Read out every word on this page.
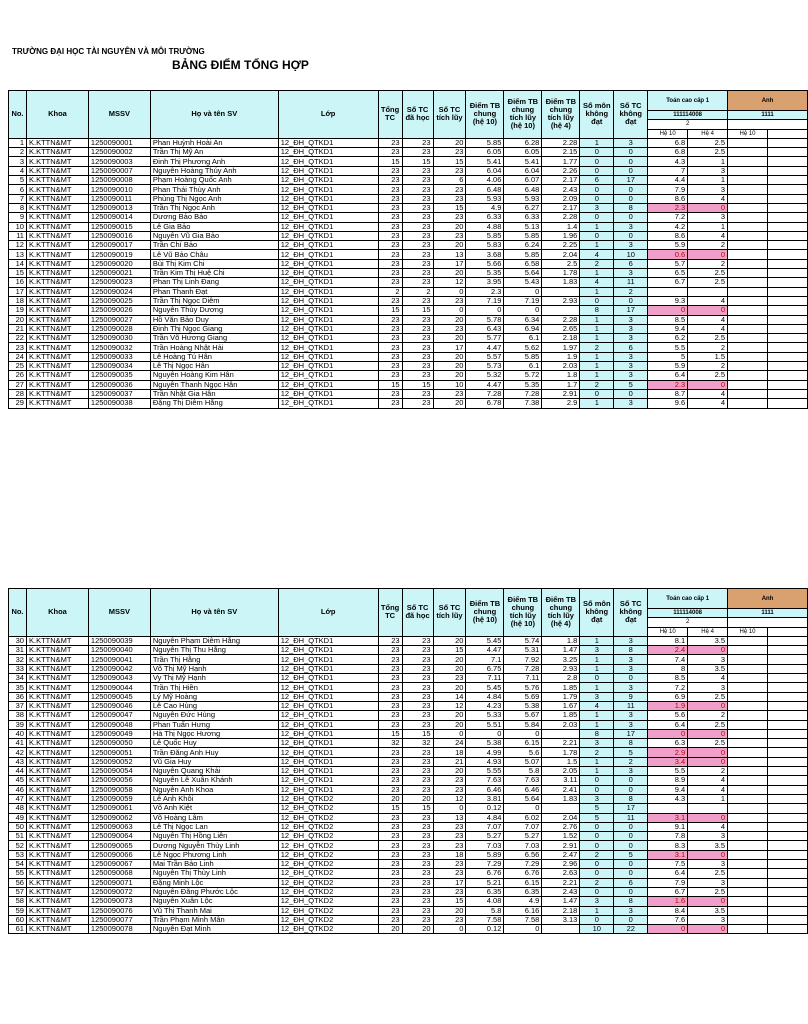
TRƯỜNG ĐẠI HỌC TÀI NGUYÊN VÀ MÔI TRƯỜNG
BẢNG ĐIỂM TỔNG HỢP
No.	Khoa	MSSV	Họ và tên SV	Lớp	Tổng TC	Số TC đã học	Số TC tích lũy	Điểm TB chung (hệ 10)	Điểm TB chung tích lũy (hệ 10)	Điểm TB chung tích lũy (hệ 4)	Số môn không đạt	Số TC không đạt	Toán cao cấp 1		Anh	
													111114008		1111	
													2			
													Hệ 10	Hệ 4	Hệ 10	
1	K.KTTN&MT	1250090001	Phan Huỳnh Hoài An	12_ĐH_QTKD1	23	23	20	5.85	6.28	2.28	1	3	6.8	2.5		
2	K.KTTN&MT	1250090002	Trần Thị Mỹ An	12_ĐH_QTKD1	23	23	23	6.05	6.05	2.15	0	0	6.8	2.5		
3	K.KTTN&MT	1250090003	Đinh Thị Phương Anh	12_ĐH_QTKD1	15	15	15	5.41	5.41	1.77	0	0	4.3	1		
4	K.KTTN&MT	1250090007	Nguyễn Hoàng Thúy Anh	12_ĐH_QTKD1	23	23	23	6.04	6.04	2.26	0	0	7	3		
5	K.KTTN&MT	1250090008	Phạm Hoàng Quốc Anh	12_ĐH_QTKD1	23	23	6	4.06	6.07	2.17	6	17	4.4	1		
6	K.KTTN&MT	1250090010	Phan Thái Thùy Anh	12_ĐH_QTKD1	23	23	23	6.48	6.48	2.43	0	0	7.9	3		
7	K.KTTN&MT	1250090011	Phùng Thị Ngọc Anh	12_ĐH_QTKD1	23	23	23	5.93	5.93	2.09	0	0	8.6	4		
8	K.KTTN&MT	1250090013	Trần Thị Ngọc Anh	12_ĐH_QTKD1	23	23	15	4.9	6.27	2.17	3	8	2.3	0		
9	K.KTTN&MT	1250090014	Dương Bảo Bảo	12_ĐH_QTKD1	23	23	23	6.33	6.33	2.28	0	0	7.2	3		
10	K.KTTN&MT	1250090015	Lê Gia Bảo	12_ĐH_QTKD1	23	23	20	4.88	5.13	1.4	1	3	4.2	1		
11	K.KTTN&MT	1250090016	Nguyễn Vũ Gia Bảo	12_ĐH_QTKD1	23	23	23	5.85	5.85	1.96	0	0	8.6	4		
12	K.KTTN&MT	1250090017	Trần Chí Bảo	12_ĐH_QTKD1	23	23	20	5.83	6.24	2.25	1	3	5.9	2		
13	K.KTTN&MT	1250090019	Lê Vũ Bảo Châu	12_ĐH_QTKD1	23	23	13	3.68	5.85	2.04	4	10	0.6	0		
14	K.KTTN&MT	1250090020	Bùi Thị Kim Chi	12_ĐH_QTKD1	23	23	17	5.66	6.58	2.5	2	6	5.7	2		
15	K.KTTN&MT	1250090021	Trần Kim Thị Huệ Chi	12_ĐH_QTKD1	23	23	20	5.35	5.64	1.78	1	3	6.5	2.5		
16	K.KTTN&MT	1250090023	Phan Thị Linh Đang	12_ĐH_QTKD1	23	23	12	3.95	5.43	1.83	4	11	6.7	2.5		
17	K.KTTN&MT	1250090024	Phan Thanh Đạt	12_ĐH_QTKD1	2	2	0	2.3	0		1	2				
18	K.KTTN&MT	1250090025	Trần Thị Ngọc Diễm	12_ĐH_QTKD1	23	23	23	7.19	7.19	2.93	0	0	9.3	4		
19	K.KTTN&MT	1250090026	Nguyễn Thùy Dương	12_ĐH_QTKD1	15	15	0	0	0		8	17	0	0		
20	K.KTTN&MT	1250090027	Hồ Văn Bảo Duy	12_ĐH_QTKD1	23	23	20	5.78	6.34	2.28	1	3	8.5	4		
21	K.KTTN&MT	1250090028	Đinh Thị Ngọc Giang	12_ĐH_QTKD1	23	23	23	6.43	6.94	2.65	1	3	9.4	4		
22	K.KTTN&MT	1250090030	Trần Võ Hương Giang	12_ĐH_QTKD1	23	23	20	5.77	6.1	2.18	1	3	6.2	2.5		
23	K.KTTN&MT	1250090032	Trần Hoàng Nhật Hải	12_ĐH_QTKD1	23	23	17	4.47	5.62	1.97	2	6	5.5	2		
24	K.KTTN&MT	1250090033	Lê Hoàng Tú Hân	12_ĐH_QTKD1	23	23	20	5.57	5.85	1.9	1	3	5	1.5		
25	K.KTTN&MT	1250090034	Lê Thị Ngọc Hân	12_ĐH_QTKD1	23	23	20	5.73	6.1	2.03	1	3	5.9	2		
26	K.KTTN&MT	1250090035	Nguyễn Hoàng Kim Hân	12_ĐH_QTKD1	23	23	20	5.32	5.72	1.8	1	3	6.4	2.5		
27	K.KTTN&MT	1250090036	Nguyễn Thanh Ngọc Hân	12_ĐH_QTKD1	15	15	10	4.47	5.35	1.7	2	5	2.3	0		
28	K.KTTN&MT	1250090037	Trần Nhật Gia Hân	12_ĐH_QTKD1	23	23	23	7.28	7.28	2.91	0	0	8.7	4		
29	K.KTTN&MT	1250090038	Đặng Thị Diễm Hằng	12_ĐH_QTKD1	23	23	20	6.78	7.38	2.9	1	3	9.6	4		
No.	Khoa	MSSV	Họ và tên SV	Lớp	Tổng TC	Số TC đã học	Số TC tích lũy	Điểm TB chung (hệ 10)	Điểm TB chung tích lũy (hệ 10)	Điểm TB chung tích lũy (hệ 4)	Số môn không đạt	Số TC không đạt	Toán cao cấp 1		Anh	
													111114008		1111	
													2			
													Hệ 10	Hệ 4	Hệ 10	
30	K.KTTN&MT	1250090039	Nguyễn Phạm Diễm Hằng	12_ĐH_QTKD1	23	23	20	5.45	5.74	1.8	1	3	8.1	3.5		
31	K.KTTN&MT	1250090040	Nguyễn Thị Thu Hằng	12_ĐH_QTKD1	23	23	15	4.47	5.31	1.47	3	8	2.4	0		
32	K.KTTN&MT	1250090041	Trần Thị Hằng	12_ĐH_QTKD1	23	23	20	7.1	7.92	3.25	1	3	7.4	3		
33	K.KTTN&MT	1250090042	Võ Thị Mỹ Hạnh	12_ĐH_QTKD1	23	23	20	6.75	7.28	2.93	1	3	8	3.5		
34	K.KTTN&MT	1250090043	Vy Thị Mỹ Hạnh	12_ĐH_QTKD1	23	23	23	7.11	7.11	2.8	0	0	8.5	4		
35	K.KTTN&MT	1250090044	Trần Thị Hiền	12_ĐH_QTKD1	23	23	20	5.45	5.76	1.85	1	3	7.2	3		
36	K.KTTN&MT	1250090045	Lý Mỹ Hoàng	12_ĐH_QTKD1	23	23	14	4.84	5.69	1.79	3	9	6.9	2.5		
37	K.KTTN&MT	1250090046	Lê Cao Hùng	12_ĐH_QTKD1	23	23	12	4.23	5.38	1.67	4	11	1.9	0		
38	K.KTTN&MT	1250090047	Nguyễn Đức Hùng	12_ĐH_QTKD1	23	23	20	5.33	5.67	1.85	1	3	5.6	2		
39	K.KTTN&MT	1250090048	Phan Tuấn Hưng	12_ĐH_QTKD1	23	23	20	5.51	5.84	2.03	1	3	6.4	2.5		
40	K.KTTN&MT	1250090049	Hà Thị Ngọc Hương	12_ĐH_QTKD1	15	15	0	0	0		8	17	0	0		
41	K.KTTN&MT	1250090050	Lê Quốc Huy	12_ĐH_QTKD1	32	32	24	5.38	6.15	2.21	3	8	6.3	2.5		
42	K.KTTN&MT	1250090051	Trần Đăng Anh Huy	12_ĐH_QTKD1	23	23	18	4.99	5.6	1.78	2	5	2.9	0		
43	K.KTTN&MT	1250090052	Vũ Gia Huy	12_ĐH_QTKD1	23	23	21	4.93	5.07	1.5	1	2	3.4	0		
44	K.KTTN&MT	1250090054	Nguyễn Quang Khải	12_ĐH_QTKD1	23	23	20	5.55	5.8	2.05	1	3	5.5	2		
45	K.KTTN&MT	1250090056	Nguyễn Lê Xuân Khánh	12_ĐH_QTKD1	23	23	23	7.63	7.63	3.11	0	0	8.9	4		
46	K.KTTN&MT	1250090058	Nguyễn Anh Khoa	12_ĐH_QTKD1	23	23	23	6.46	6.46	2.41	0	0	9.4	4		
47	K.KTTN&MT	1250090059	Lê Anh Khôi	12_ĐH_QTKD2	20	20	12	3.81	5.64	1.83	3	8	4.3	1		
48	K.KTTN&MT	1250090061	Võ Anh Kiệt	12_ĐH_QTKD2	15	15	0	0.12	0		5	17				
49	K.KTTN&MT	1250090062	Võ Hoàng Lâm	12_ĐH_QTKD2	23	23	13	4.84	6.02	2.04	5	11	3.1	0		
50	K.KTTN&MT	1250090063	Lê Thị Ngọc Lan	12_ĐH_QTKD2	23	23	23	7.07	7.07	2.76	0	0	9.1	4		
51	K.KTTN&MT	1250090064	Nguyễn Thị Hồng Liên	12_ĐH_QTKD2	23	23	23	5.27	5.27	1.52	0	0	7.8	3		
52	K.KTTN&MT	1250090065	Dương Nguyễn Thùy Linh	12_ĐH_QTKD2	23	23	23	7.03	7.03	2.91	0	0	8.3	3.5		
53	K.KTTN&MT	1250090066	Lê Ngọc Phương Linh	12_ĐH_QTKD2	23	23	18	5.89	6.56	2.47	2	5	3.1	0		
54	K.KTTN&MT	1250090067	Mai Trần Bảo Linh	12_ĐH_QTKD2	23	23	23	7.29	7.29	2.96	0	0	7.5	3		
55	K.KTTN&MT	1250090068	Nguyễn Thị Thùy Linh	12_ĐH_QTKD2	23	23	23	6.76	6.76	2.63	0	0	6.4	2.5		
56	K.KTTN&MT	1250090071	Đặng Minh Lộc	12_ĐH_QTKD2	23	23	17	5.21	6.15	2.21	2	6	7.9	3		
57	K.KTTN&MT	1250090072	Nguyễn Đăng Phước Lộc	12_ĐH_QTKD2	23	23	23	6.35	6.35	2.43	0	0	6.7	2.5		
58	K.KTTN&MT	1250090073	Nguyễn Xuân Lộc	12_ĐH_QTKD2	23	23	15	4.08	4.9	1.47	3	8	1.6	0		
59	K.KTTN&MT	1250090076	Vũ Thị Thanh Mai	12_ĐH_QTKD2	23	23	20	5.8	6.16	2.18	1	3	8.4	3.5		
60	K.KTTN&MT	1250090077	Trần Phạm Minh Mẫn	12_ĐH_QTKD2	23	23	23	7.58	7.58	3.13	0	0	7.6	3		
61	K.KTTN&MT	1250090078	Nguyễn Đạt Minh	12_ĐH_QTKD2	20	20	0	0.12	0		10	22	0	0		
